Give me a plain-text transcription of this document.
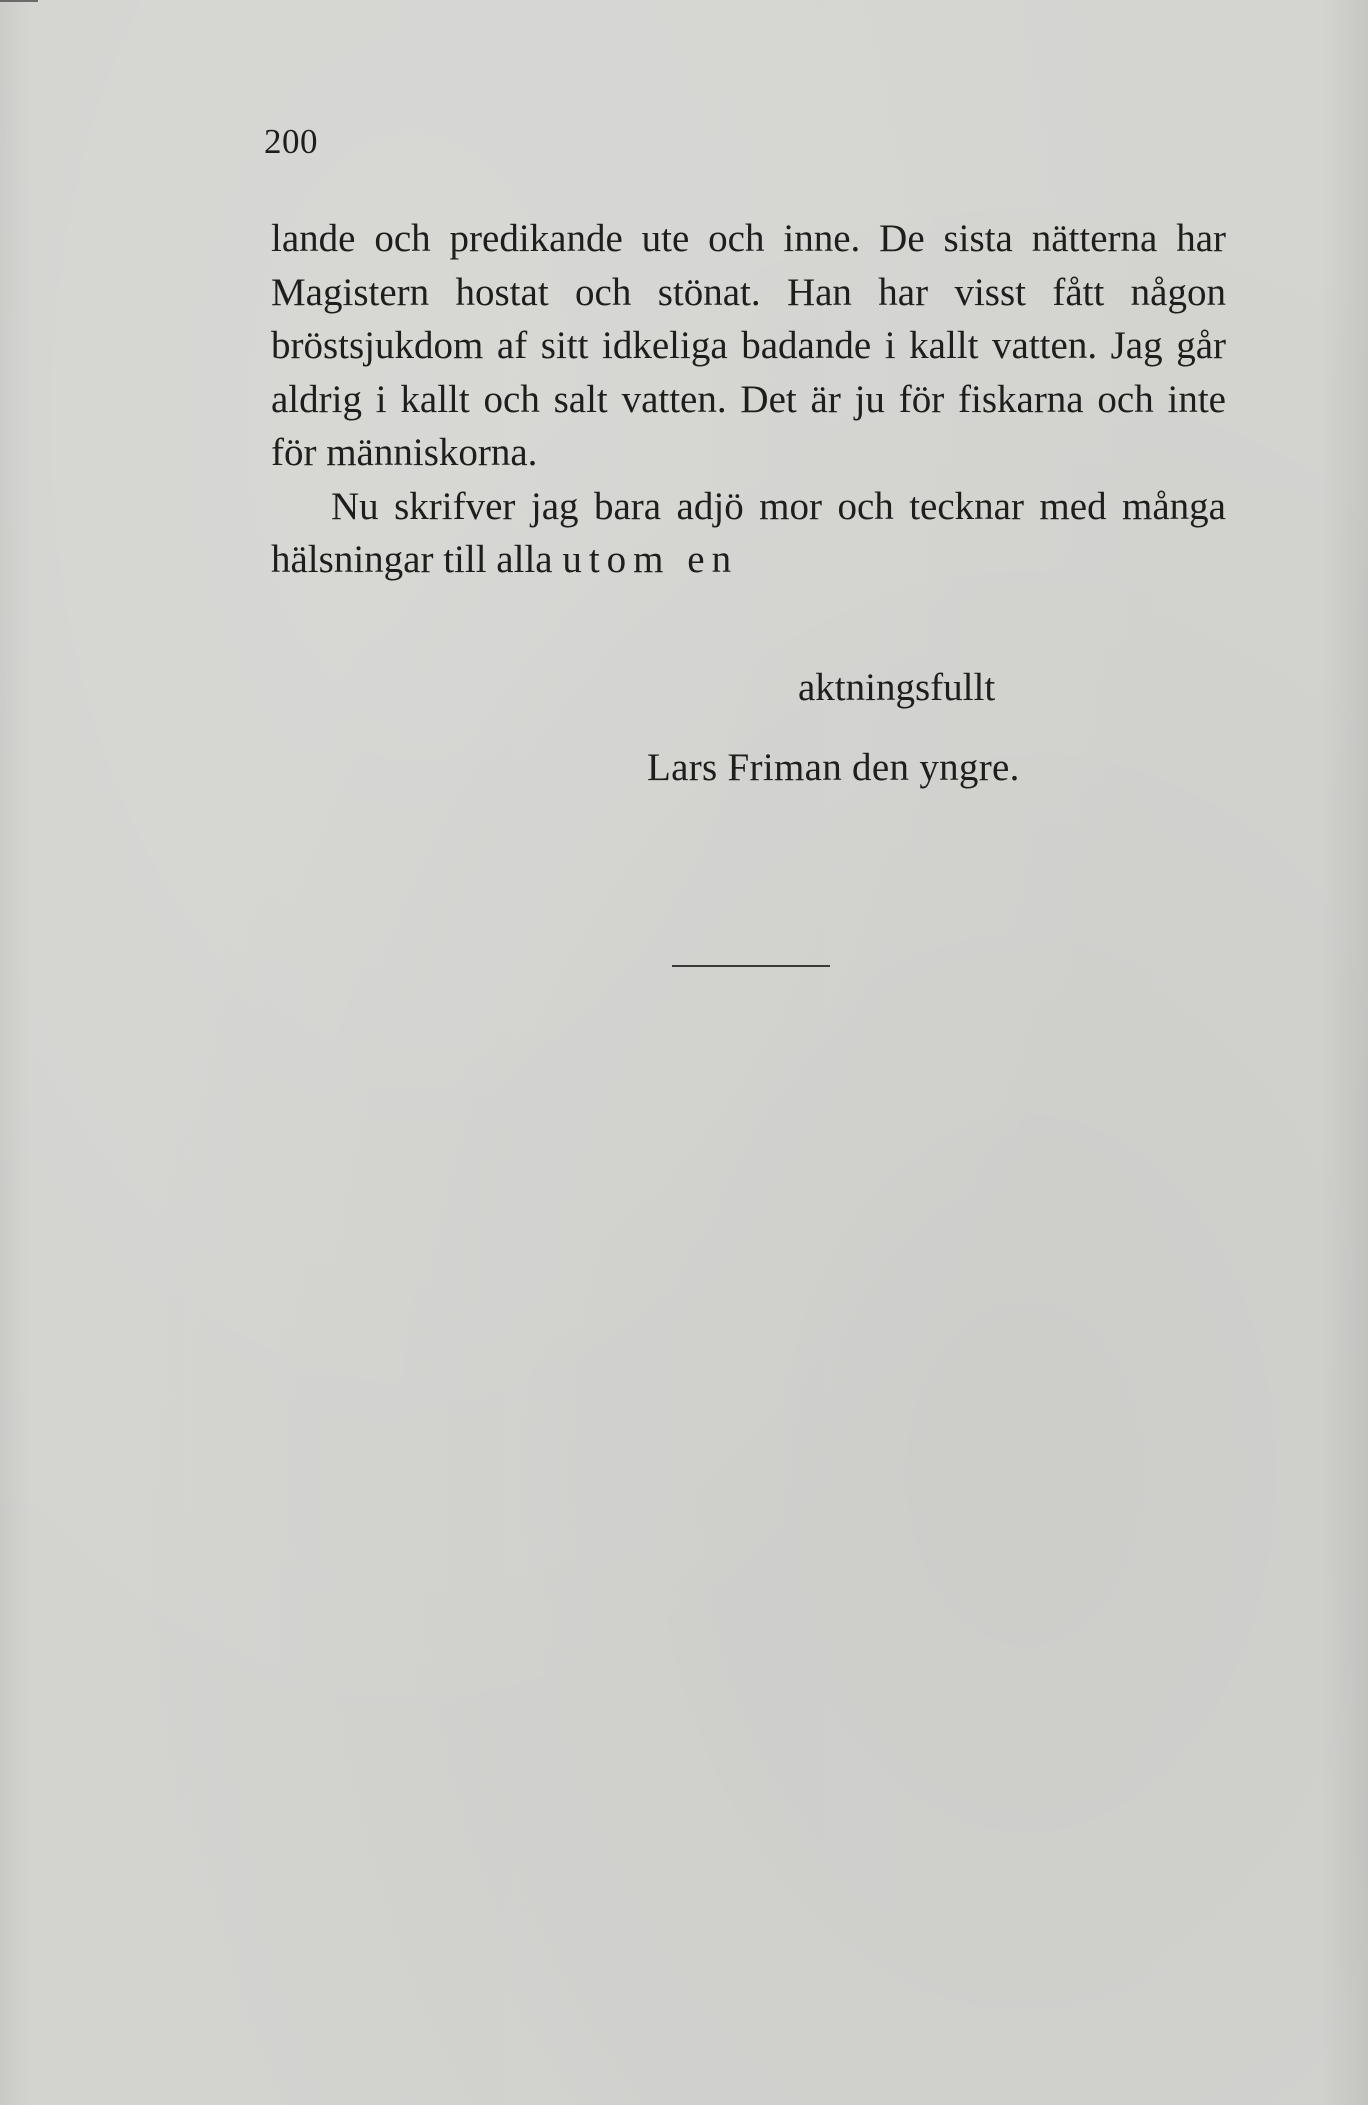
200

lande och predikande ute och inne. De sista nätterna har Magistern hostat och stönat. Han har visst fått någon bröstsjukdom af sitt idkeliga badande i kallt vatten. Jag går aldrig i kallt och salt vatten. Det är ju för fiskarna och inte för människorna.

Nu skrifver jag bara adjö mor och tecknar med många hälsningar till alla utom en

aktningsfullt
Lars Friman den yngre.
